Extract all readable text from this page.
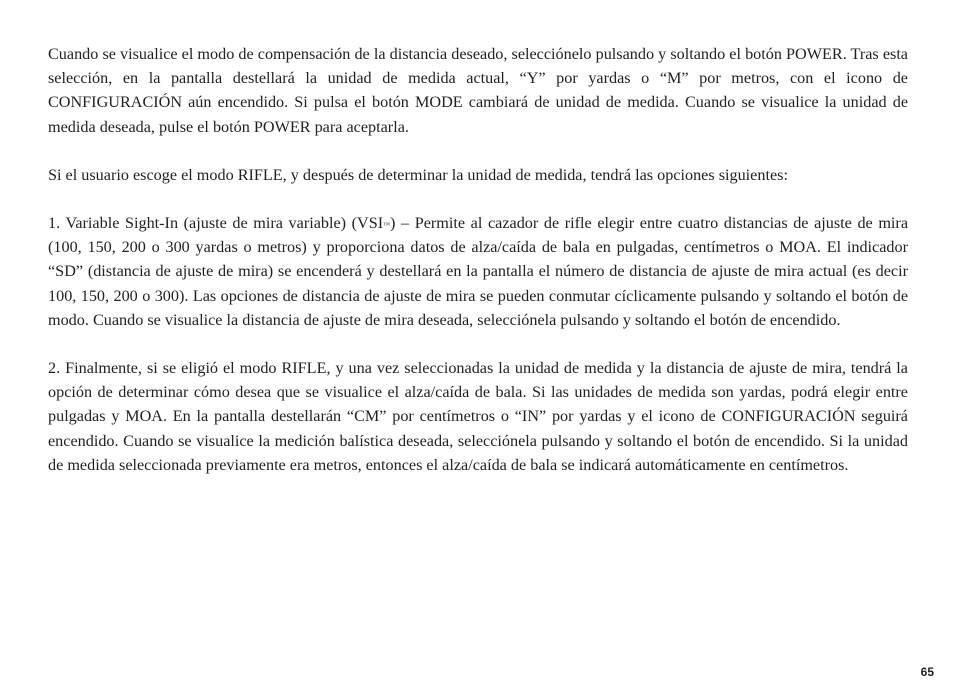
Cuando se visualice el modo de compensación de la distancia deseado, selecciónelo pulsando y soltando el botón POWER. Tras esta selección, en la pantalla destellará la unidad de medida actual, “Y” por yardas o “M” por metros, con el icono de CONFIGURACIÓN aún encendido. Si pulsa el botón MODE cambiará de unidad de medida. Cuando se visualice la unidad de medida deseada, pulse el botón POWER para aceptarla.

Si el usuario escoge el modo RIFLE, y después de determinar la unidad de medida, tendrá las opciones siguientes:

1. Variable Sight-In (ajuste de mira variable) (VSI™) – Permite al cazador de rifle elegir entre cuatro distancias de ajuste de mira (100, 150, 200 o 300 yardas o metros) y proporciona datos de alza/caída de bala en pulgadas, centímetros o MOA. El indicador “SD” (distancia de ajuste de mira) se encenderá y destellará en la pantalla el número de distancia de ajuste de mira actual (es decir 100, 150, 200 o 300). Las opciones de distancia de ajuste de mira se pueden conmutar cíclicamente pulsando y soltando el botón de modo. Cuando se visualice la distancia de ajuste de mira deseada, selecciónela pulsando y soltando el botón de encendido.

2. Finalmente, si se eligió el modo RIFLE, y una vez seleccionadas la unidad de medida y la distancia de ajuste de mira, tendrá la opción de determinar cómo desea que se visualice el alza/caída de bala. Si las unidades de medida son yardas, podrá elegir entre pulgadas y MOA. En la pantalla destellarán “CM” por centímetros o “IN” por yardas y el icono de CONFIGURACIÓN seguirá encendido. Cuando se visualice la medición balística deseada, selecciónela pulsando y soltando el botón de encendido. Si la unidad de medida seleccionada previamente era metros, entonces el alza/caída de bala se indicará automáticamente en centímetros.

65
